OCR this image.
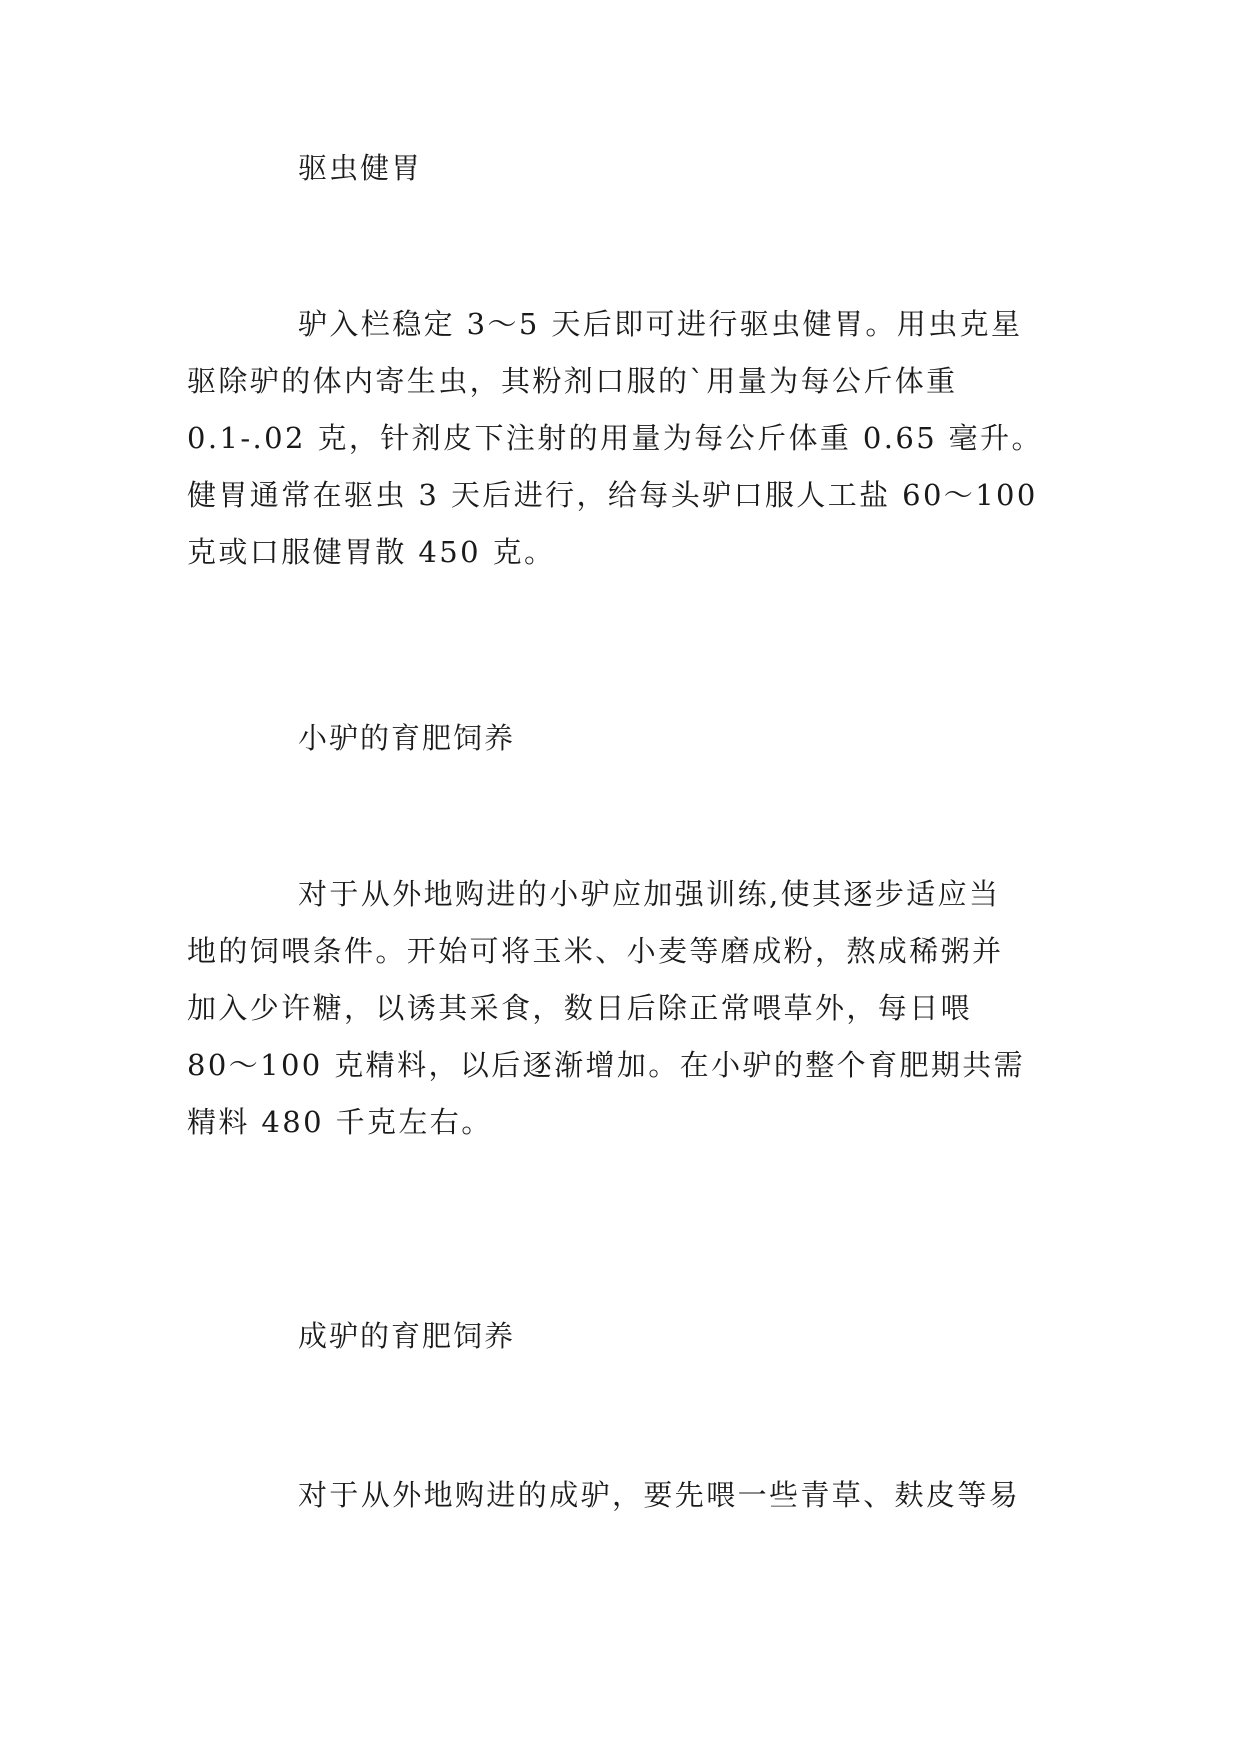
驱虫健胃
驴入栏稳定 3～5 天后即可进行驱虫健胃。用虫克星
驱除驴的体内寄生虫，其粉剂口服的`用量为每公斤体重
0.1-.02 克，针剂皮下注射的用量为每公斤体重 0.65 毫升。
健胃通常在驱虫 3 天后进行，给每头驴口服人工盐 60～100
克或口服健胃散 450 克。
小驴的育肥饲养
对于从外地购进的小驴应加强训练,使其逐步适应当
地的饲喂条件。开始可将玉米、小麦等磨成粉，熬成稀粥并
加入少许糖，以诱其采食，数日后除正常喂草外，每日喂
80～100 克精料，以后逐渐增加。在小驴的整个育肥期共需
精料 480 千克左右。
成驴的育肥饲养
对于从外地购进的成驴，要先喂一些青草、麸皮等易
